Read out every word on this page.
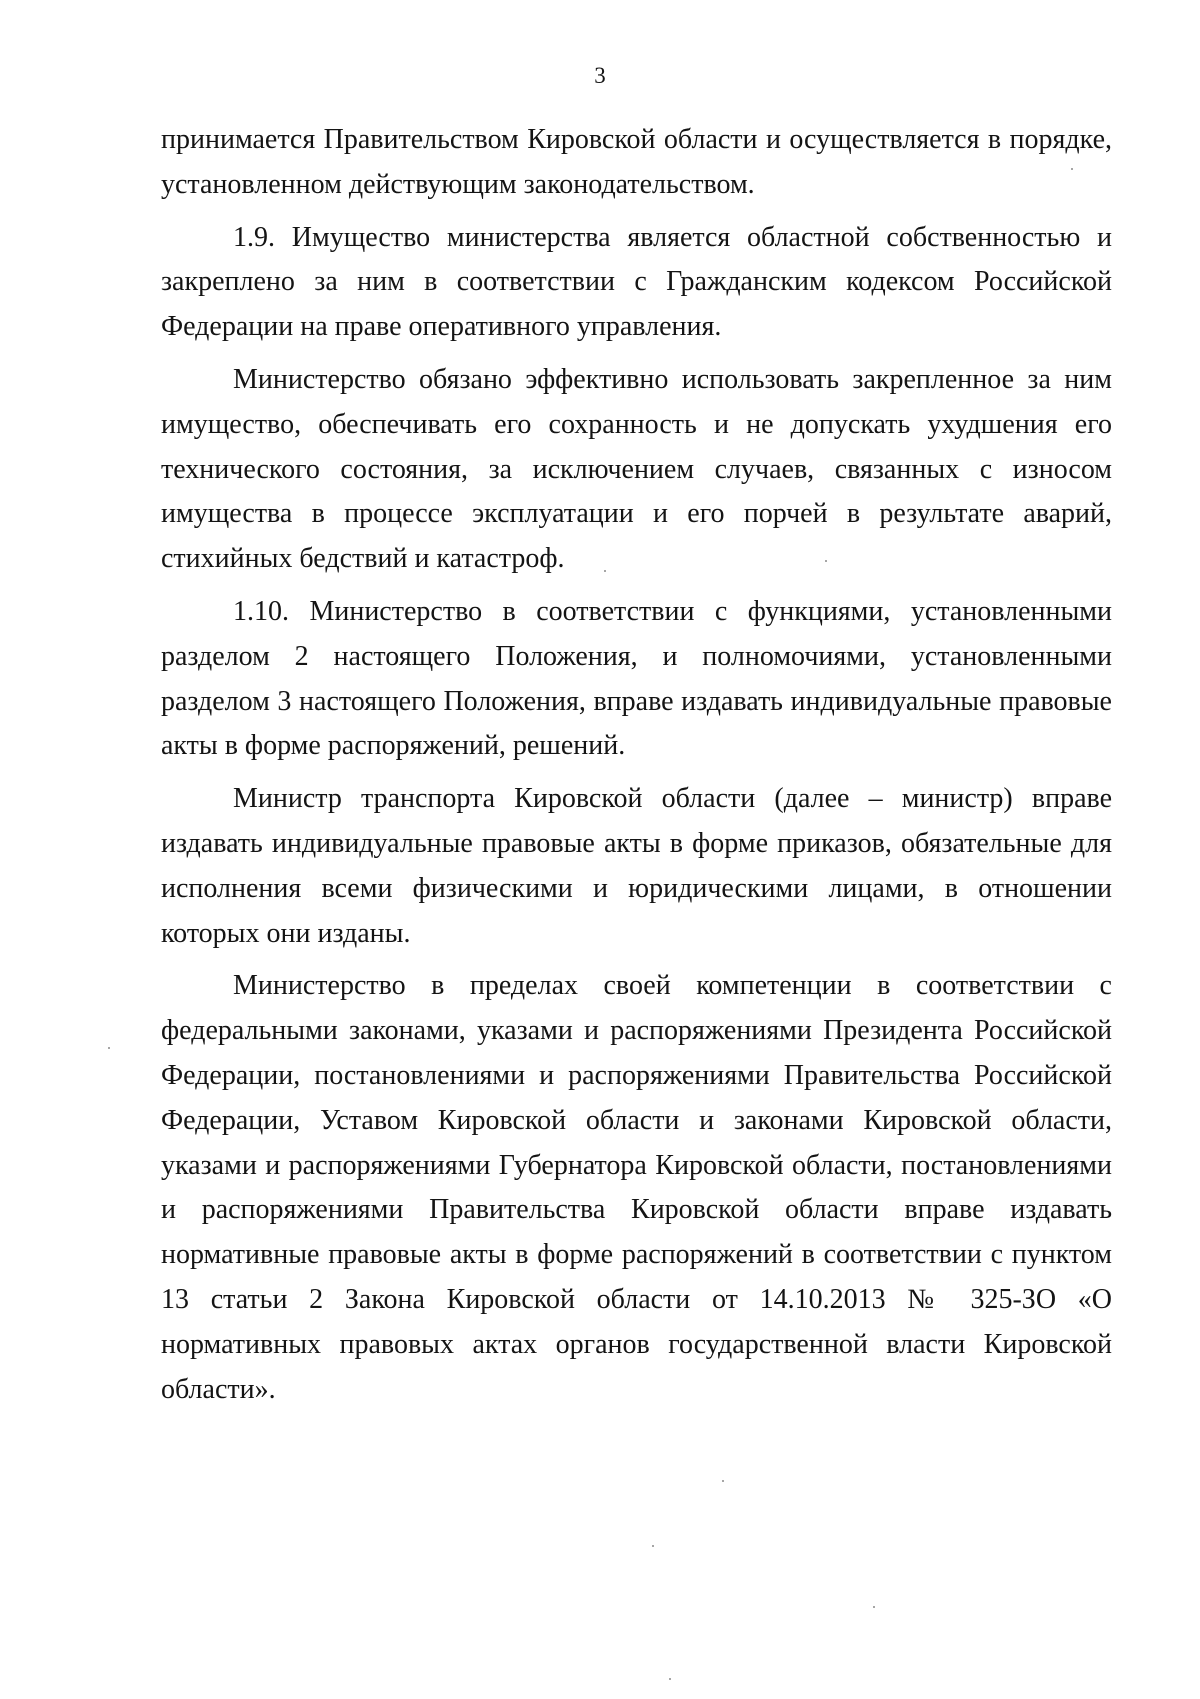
3

принимается Правительством Кировской области и осуществляется в порядке, установленном действующим законодательством.

1.9. Имущество министерства является областной собственностью и закреплено за ним в соответствии с Гражданским кодексом Российской Федерации на праве оперативного управления.

Министерство обязано эффективно использовать закрепленное за ним имущество, обеспечивать его сохранность и не допускать ухудшения его технического состояния, за исключением случаев, связанных с износом имущества в процессе эксплуатации и его порчей в результате аварий, стихийных бедствий и катастроф.

1.10. Министерство в соответствии с функциями, установленными разделом 2 настоящего Положения, и полномочиями, установленными разделом 3 настоящего Положения, вправе издавать индивидуальные правовые акты в форме распоряжений, решений.

Министр транспорта Кировской области (далее – министр) вправе издавать индивидуальные правовые акты в форме приказов, обязательные для исполнения всеми физическими и юридическими лицами, в отношении которых они изданы.

Министерство в пределах своей компетенции в соответствии с федеральными законами, указами и распоряжениями Президента Российской Федерации, постановлениями и распоряжениями Правительства Российской Федерации, Уставом Кировской области и законами Кировской области, указами и распоряжениями Губернатора Кировской области, постановлениями и распоряжениями Правительства Кировской области вправе издавать нормативные правовые акты в форме распоряжений в соответствии с пунктом 13 статьи 2 Закона Кировской области от 14.10.2013 № 325-ЗО «О нормативных правовых актах органов государственной власти Кировской области».
